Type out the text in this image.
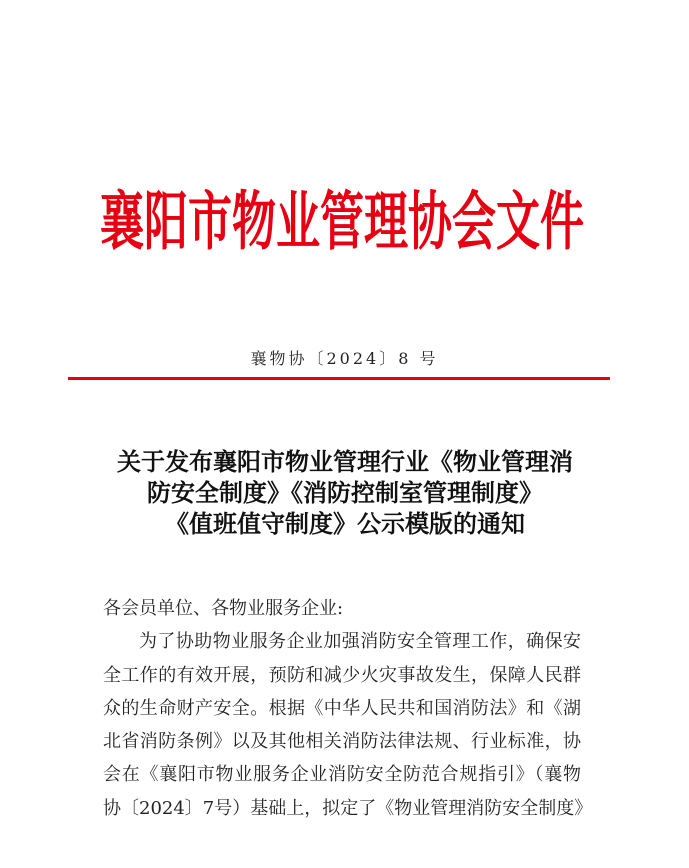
襄阳市物业管理协会文件
襄物协〔2024〕8 号
关于发布襄阳市物业管理行业《物业管理消
防安全制度》《消防控制室管理制度》
《值班值守制度》公示模版的通知
各会员单位、各物业服务企业:
为了协助物业服务企业加强消防安全管理工作，确保安
全工作的有效开展，预防和减少火灾事故发生，保障人民群
众的生命财产安全。根据《中华人民共和国消防法》和《湖
北省消防条例》以及其他相关消防法律法规、行业标准，协
会在《襄阳市物业服务企业消防安全防范合规指引》（襄物
协〔2024〕7号）基础上，拟定了《物业管理消防安全制度》
